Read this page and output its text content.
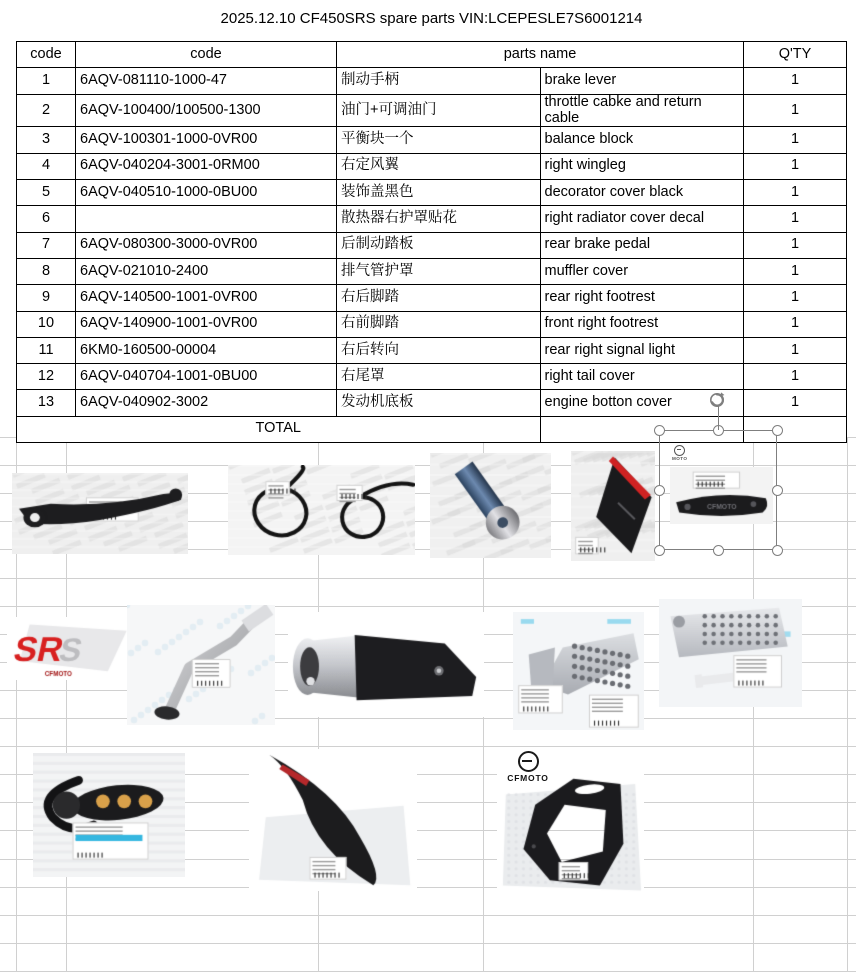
2025.12.10 CF450SRS spare parts VIN:LCEPESLE7S6001214
code	code	parts name		Q'TY
1	6AQV-081110-1000-47	制动手柄	brake lever	1
2	6AQV-100400/100500-1300	油门+可调油门	throttle cabke and return cable	1
3	6AQV-100301-1000-0VR00	平衡块一个	balance block	1
4	6AQV-040204-3001-0RM00	右定风翼	right wingleg	1
5	6AQV-040510-1000-0BU00	装饰盖黑色	decorator cover black	1
6		散热器右护罩贴花	right radiator cover decal	1
7	6AQV-080300-3000-0VR00	后制动踏板	rear brake pedal	1
8	6AQV-021010-2400	排气管护罩	muffler cover	1
9	6AQV-140500-1001-0VR00	右后脚踏	rear right footrest	1
10	6AQV-140900-1001-0VR00	右前脚踏	front right footrest	1
11	6KM0-160500-00004	右后转向	rear right signal light	1
12	6AQV-040704-1001-0BU00	右尾罩	right tail cover	1
13	6AQV-040902-3002	发动机底板	engine botton cover	1
TOTAL				
MOTO
CFMOTO
